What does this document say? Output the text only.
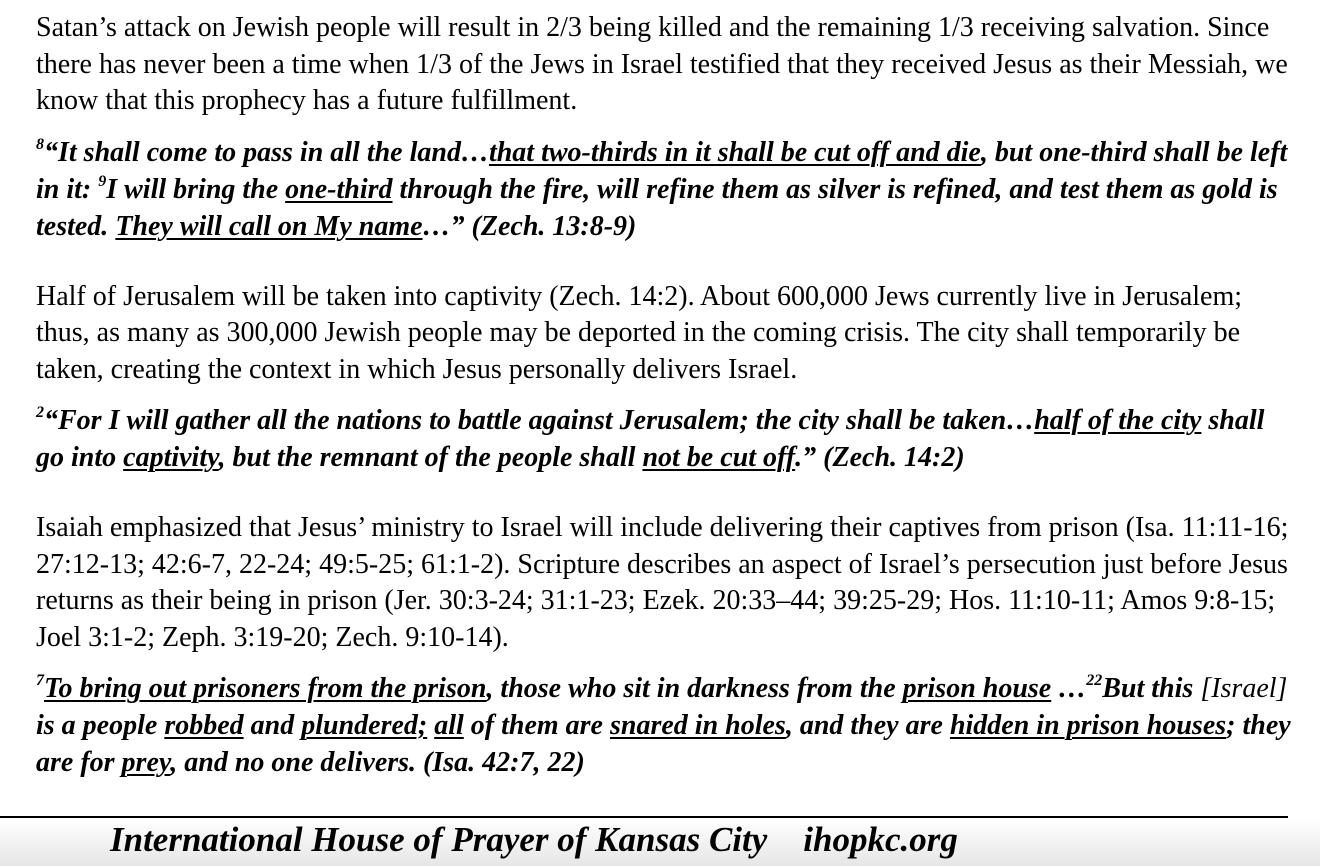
Satan’s attack on Jewish people will result in 2/3 being killed and the remaining 1/3 receiving salvation. Since there has never been a time when 1/3 of the Jews in Israel testified that they received Jesus as their Messiah, we know that this prophecy has a future fulfillment.

$^8$“It shall come to pass in all the land…that two-thirds in it shall be cut off and die, but one-third shall be left in it: $^9$I will bring the one-third through the fire, will refine them as silver is refined, and test them as gold is tested. They will call on My name…” (Zech. 13:8-9)

Half of Jerusalem will be taken into captivity (Zech. 14:2). About 600,000 Jews currently live in Jerusalem; thus, as many as 300,000 Jewish people may be deported in the coming crisis. The city shall temporarily be taken, creating the context in which Jesus personally delivers Israel.

$^2$“For I will gather all the nations to battle against Jerusalem; the city shall be taken…half of the city shall go into captivity, but the remnant of the people shall not be cut off.” (Zech. 14:2)

Isaiah emphasized that Jesus’ ministry to Israel will include delivering their captives from prison (Isa. 11:11-16; 27:12-13; 42:6-7, 22-24; 49:5-25; 61:1-2). Scripture describes an aspect of Israel’s persecution just before Jesus returns as their being in prison (Jer. 30:3-24; 31:1-23; Ezek. 20:33–44; 39:25-29; Hos. 11:10-11; Amos 9:8-15; Joel 3:1-2; Zeph. 3:19-20; Zech. 9:10-14).

$^7$To bring out prisoners from the prison, those who sit in darkness from the prison house …$^{22}$But this [Israel] is a people robbed and plundered; all of them are snared in holes, and they are hidden in prison houses; they are for prey, and no one delivers. (Isa. 42:7, 22)

International House of Prayer of Kansas City ihopkc.org
